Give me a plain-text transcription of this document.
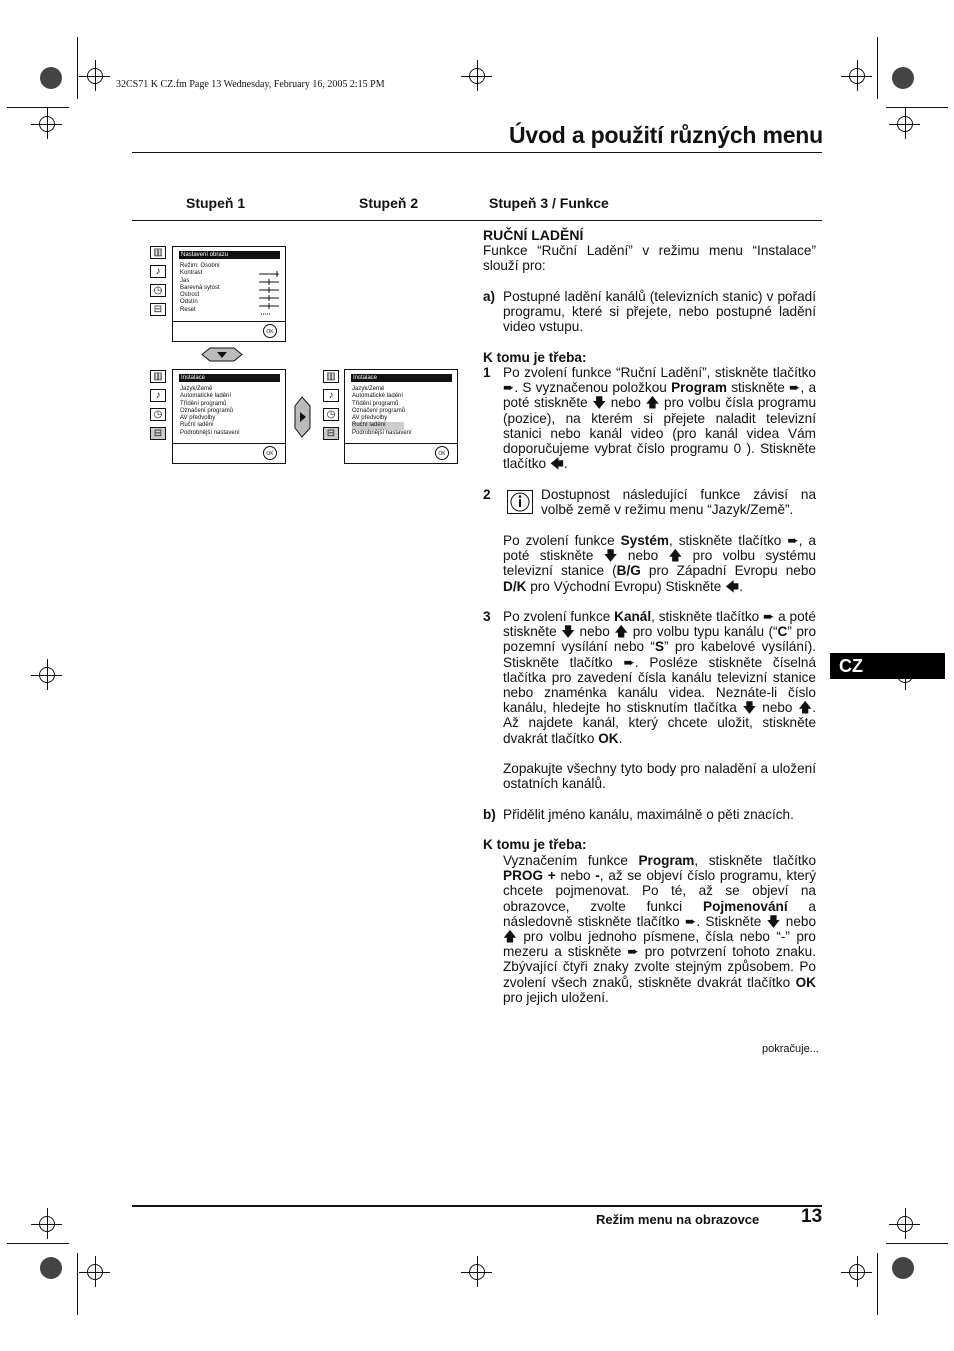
32CS71 K CZ.fm Page 13 Wednesday, February 16, 2005 2:15 PM
Úvod a použití různých menu
Stupeň 1	Stupeň 2	Stupeň 3 / Funkce
▥
♪
◷
⊟
Nastavení obrazu
Režim: Osobní
Kontrast
Jas
Barevná sytost
Ostrost
Odstín
Reset
OK
▥
♪
◷
⊟
Instalace
Jazyk/Země
Automatické ladění
Třídění programů
Označení programů
AV předvolby
Ruční ladění
Podrobnější nastavení
OK
▥
♪
◷
⊟
Instalace
Jazyk/Země
Automatické ladění
Třídění programů
Označení programů
AV předvolby
Ruční ladění
Podrobnější nastavení
OK
RUČNÍ LADĚNÍ
Funkce “Ruční Ladění” v režimu menu “Instalace” slouží pro:
a) Postupné ladění kanálů (televizních stanic) v pořadí programu, které si přejete, nebo postupné ladění video vstupu.

K tomu je třeba:
1 Po zvolení funkce “Ruční Ladění”, stiskněte tlačítko ➨. S vyznačenou položkou Program stiskněte ➨, a poté stiskněte 🡇 nebo 🡅 pro volbu čísla programu (pozice), na kterém si přejete naladit televizní stanici nebo kanál video (pro kanál videa Vám doporučujeme vybrat číslo programu 0 ). Stiskněte tlačítko 🡄.

2	Dostupnost následující funkce závisí na volbě země v režimu menu “Jazyk/Země”.

Po zvolení funkce Systém, stiskněte tlačítko ➨, a poté stiskněte 🡇 nebo 🡅 pro volbu systému televizní stanice (B/G pro Západní Evropu nebo D/K pro Východní Evropu) Stiskněte 🡄.

3 Po zvolení funkce Kanál, stiskněte tlačítko ➨ a poté stiskněte 🡇 nebo 🡅 pro volbu typu kanálu (“C” pro pozemní vysílání nebo “S” pro kabelové vysílání). Stiskněte tlačítko ➨. Posléze stiskněte číselná tlačítka pro zavedení čísla kanálu televizní stanice nebo znaménka kanálu videa. Neznáte-li číslo kanálu, hledejte ho stisknutím tlačítka 🡇 nebo 🡅. Až najdete kanál, který chcete uložit, stiskněte dvakrát tlačítko OK.

Zopakujte všechny tyto body pro naladění a uložení ostatních kanálů.

b) Přidělit jméno kanálu, maximálně o pěti znacích.

K tomu je třeba:

Vyznačením funkce Program, stiskněte tlačítko PROG + nebo -, až se objeví číslo programu, který chcete pojmenovat. Po té, až se objeví na obrazovce, zvolte funkci Pojmenování a následovně stiskněte tlačítko ➨. Stiskněte 🡇 nebo 🡅 pro volbu jednoho písmene, čísla nebo “-” pro mezeru a stiskněte ➨ pro potvrzení tohoto znaku. Zbývající čtyři znaky zvolte stejným způsobem. Po zvolení všech znaků, stiskněte dvakrát tlačítko OK pro jejich uložení.

pokračuje...
CZ
Režim menu na obrazovce 13
